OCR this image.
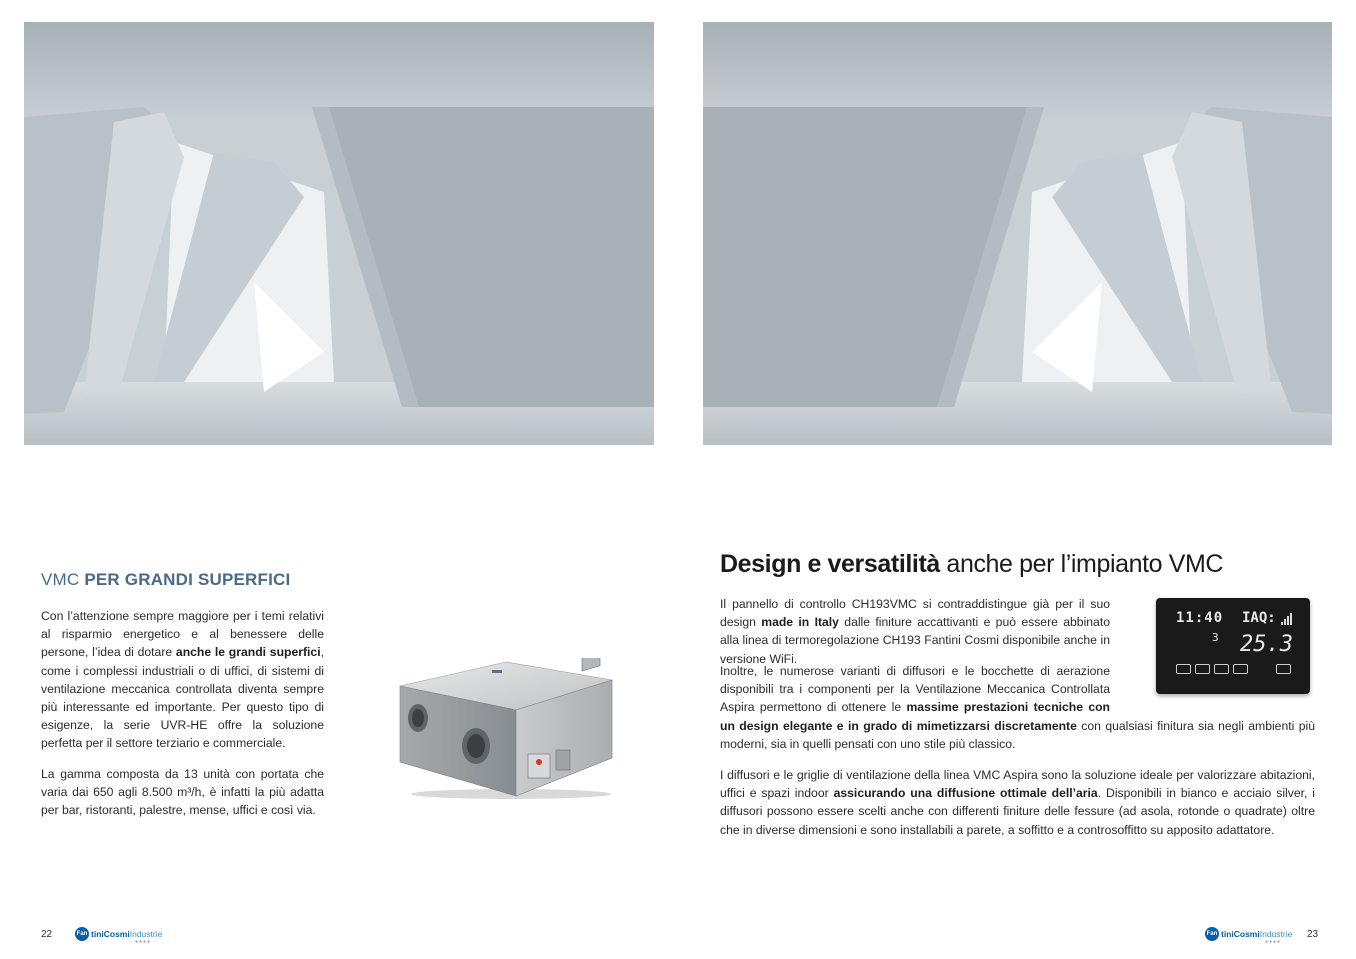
VMC PER GRANDI SUPERFICI
Con l’attenzione sempre maggiore per i temi relativi al risparmio energetico e al benessere delle persone, l’idea di dotare anche le grandi superfici, come i complessi industriali o di uffici, di sistemi di ventilazione meccanica controllata diventa sempre più interessante ed importante. Per questo tipo di esigenze, la serie UVR-HE offre la soluzione perfetta per il settore terziario e commerciale.
La gamma composta da 13 unità con portata che varia dai 650 agli 8.500 m³/h, è infatti la più adatta per bar, ristoranti, palestre, mense, uffici e così via.
Design e versatilità anche per l’impianto VMC
Il pannello di controllo CH193VMC si contraddistingue già per il suo design made in Italy dalle finiture accattivanti e può essere abbinato alla linea di termoregolazione CH193 Fantini Cosmi disponibile anche in versione WiFi.
Inoltre, le numerose varianti di diffusori e le bocchette di aerazione disponibili tra i componenti per la Ventilazione Meccanica Controllata Aspira permettono di ottenere le massime prestazioni tecniche con un design elegante e in grado di mimetizzarsi discretamente con qualsiasi finitura sia negli ambienti più moderni, sia in quelli pensati con uno stile più classico.
I diffusori e le griglie di ventilazione della linea VMC Aspira sono la soluzione ideale per valorizzare abitazioni, uffici e spazi indoor assicurando una diffusione ottimale dell’aria. Disponibili in bianco e acciaio silver, i diffusori possono essere scelti anche con differenti finiture delle fessure (ad asola, rotonde o quadrate) oltre che in diverse dimensioni e sono installabili a parete, a soffitto e a controsoffitto su apposito adattatore.
11:40 IAQ:
3 25.3
22	Fan tiniCosmiIndustrie
●●●●
Fan tiniCosmiIndustrie
●●●●
23
